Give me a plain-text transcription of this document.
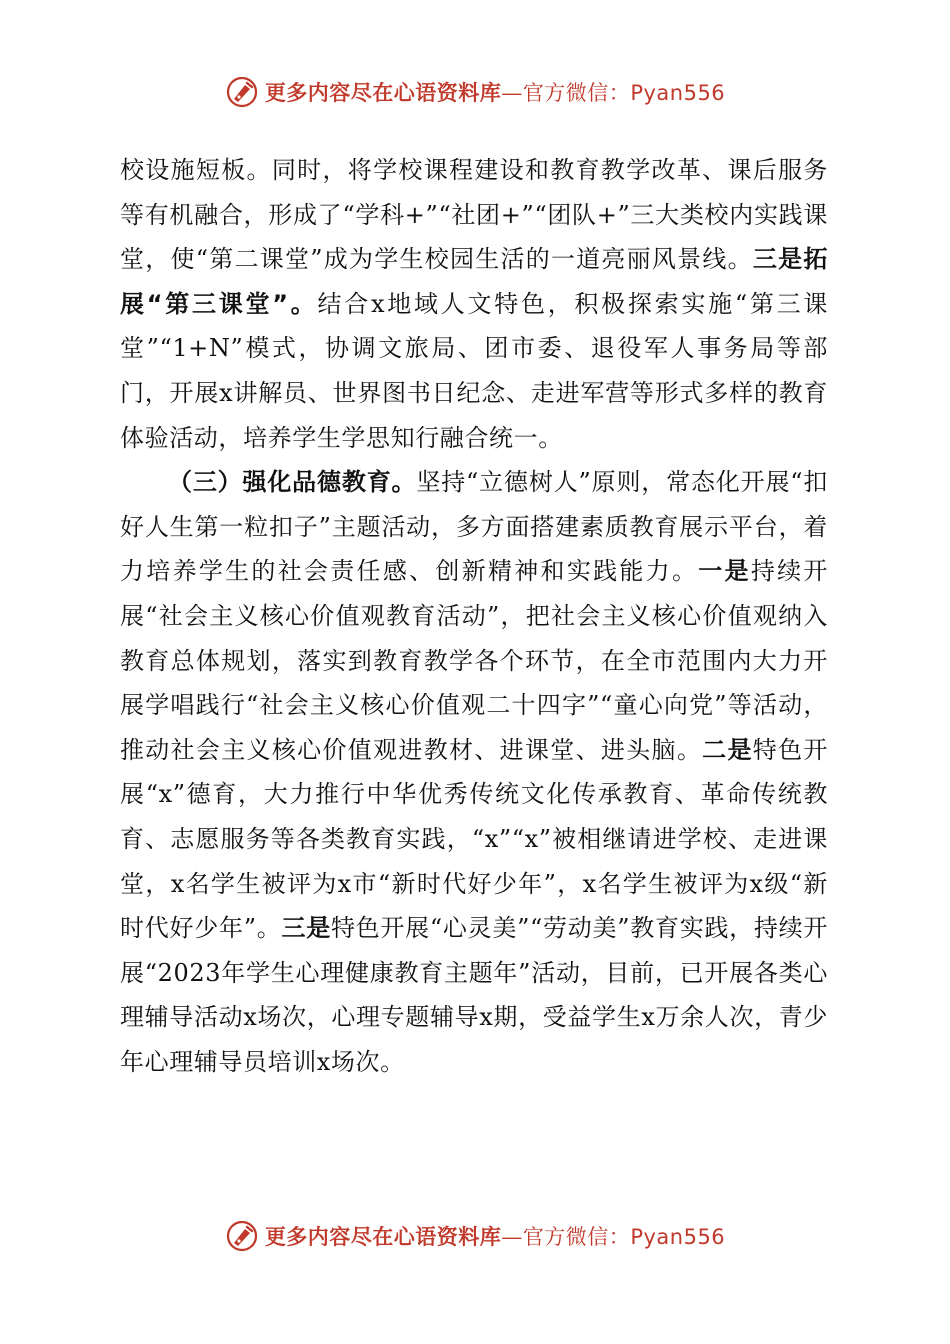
更多内容尽在心语资料库—官方微信：Pyan556

校设施短板。同时，将学校课程建设和教育教学改革、课后服务等有机融合，形成了“学科+”“社团+”“团队+”三大类校内实践课堂，使“第二课堂”成为学生校园生活的一道亮丽风景线。三是拓展“第三课堂”。结合x地域人文特色，积极探索实施“第三课堂”“1+N”模式，协调文旅局、团市委、退役军人事务局等部门，开展x讲解员、世界图书日纪念、走进军营等形式多样的教育体验活动，培养学生学思知行融合统一。

（三）强化品德教育。坚持“立德树人”原则，常态化开展“扣好人生第一粒扣子”主题活动，多方面搭建素质教育展示平台，着力培养学生的社会责任感、创新精神和实践能力。一是持续开展“社会主义核心价值观教育活动”，把社会主义核心价值观纳入教育总体规划，落实到教育教学各个环节，在全市范围内大力开展学唱践行“社会主义核心价值观二十四字”“童心向党”等活动，推动社会主义核心价值观进教材、进课堂、进头脑。二是特色开展“x”德育，大力推行中华优秀传统文化传承教育、革命传统教育、志愿服务等各类教育实践，“x”“x”被相继请进学校、走进课堂，x名学生被评为x市“新时代好少年”，x名学生被评为x级“新时代好少年”。三是特色开展“心灵美”“劳动美”教育实践，持续开展“2023年学生心理健康教育主题年”活动，目前，已开展各类心理辅导活动x场次，心理专题辅导x期，受益学生x万余人次，青少年心理辅导员培训x场次。

更多内容尽在心语资料库—官方微信：Pyan556
